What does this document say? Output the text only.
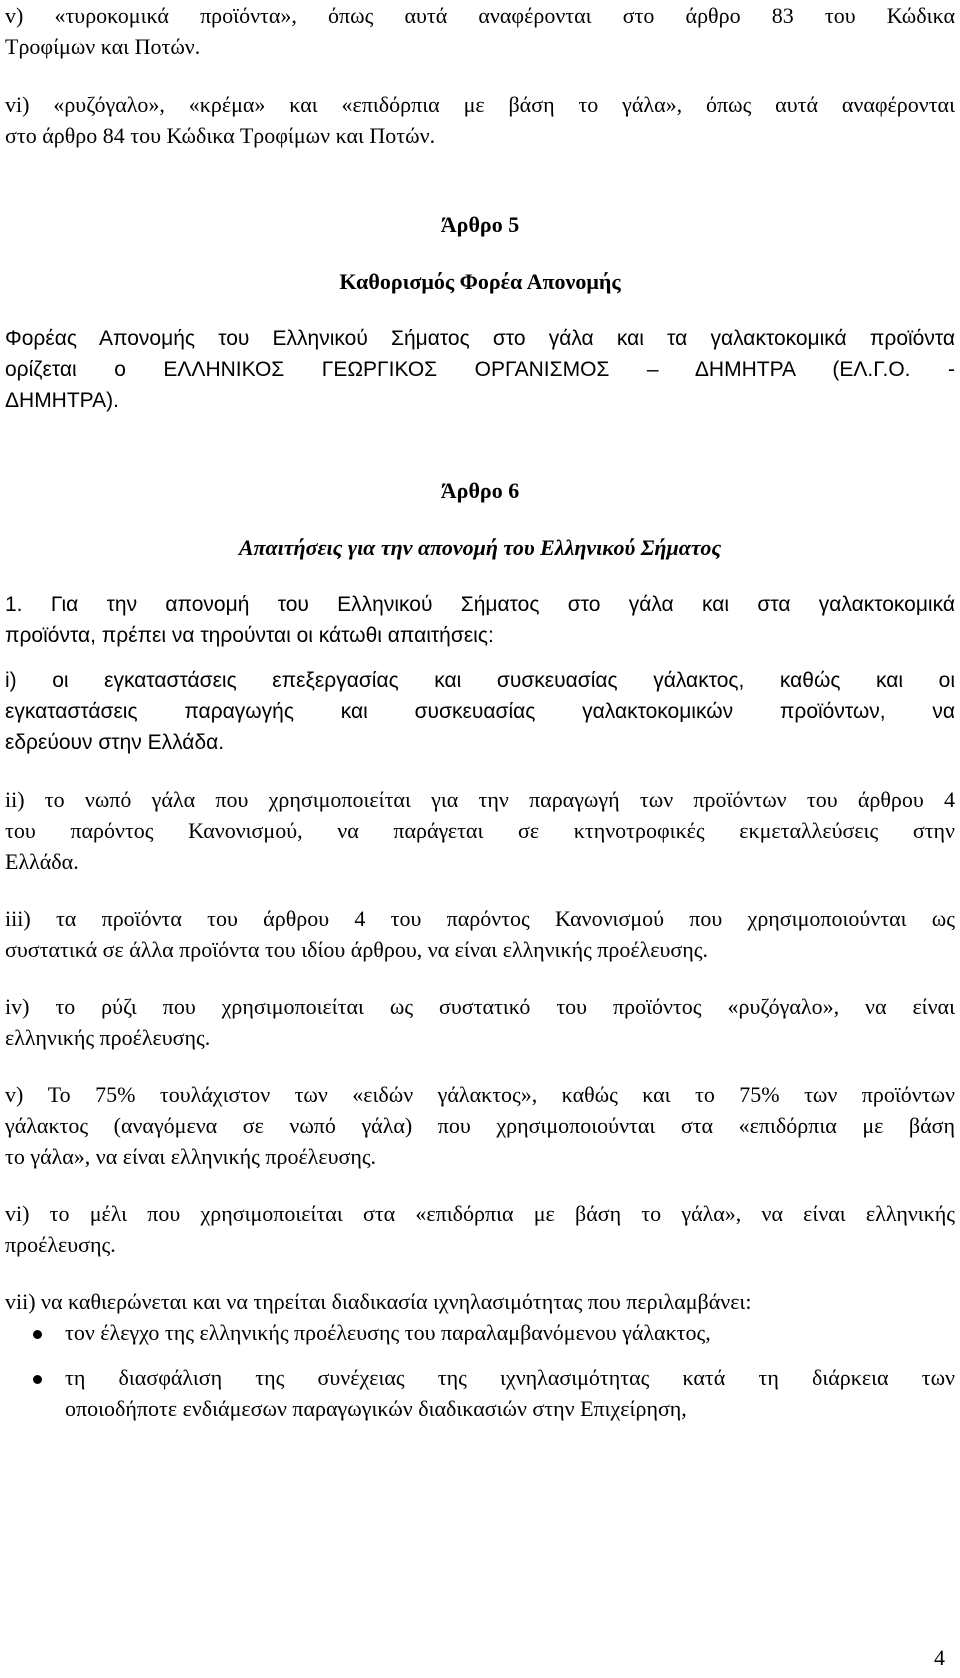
v) «τυροκομικά προϊόντα», όπως αυτά αναφέρονται στο άρθρο 83 του Κώδικα
Τροφίμων και Ποτών.
vi) «ρυζόγαλο», «κρέμα» και «επιδόρπια με βάση το γάλα», όπως αυτά αναφέρονται
στο άρθρο 84 του Κώδικα Τροφίμων και Ποτών.
Άρθρο 5
Καθορισμός Φορέα Απονομής
Φορέας Απονομής του Ελληνικού Σήματος στο γάλα και τα γαλακτοκομικά προϊόντα
ορίζεται ο ΕΛΛΗΝΙΚΟΣ ΓΕΩΡΓΙΚΟΣ ΟΡΓΑΝΙΣΜΟΣ – ΔΗΜΗΤΡΑ (ΕΛ.Γ.Ο. -
ΔΗΜΗΤΡΑ).
Άρθρο 6
Απαιτήσεις για την απονομή του Ελληνικού Σήματος
1. Για την απονομή του Ελληνικού Σήματος στο γάλα και στα γαλακτοκομικά
προϊόντα, πρέπει να τηρούνται οι κάτωθι απαιτήσεις:
i) οι εγκαταστάσεις επεξεργασίας και συσκευασίας γάλακτος, καθώς και οι
εγκαταστάσεις παραγωγής και συσκευασίας γαλακτοκομικών προϊόντων, να
εδρεύουν στην Ελλάδα.
ii) το νωπό γάλα που χρησιμοποιείται για την παραγωγή των προϊόντων του άρθρου 4
του παρόντος Κανονισμού, να παράγεται σε κτηνοτροφικές εκμεταλλεύσεις στην
Ελλάδα.
iii) τα προϊόντα του άρθρου 4 του παρόντος Κανονισμού που χρησιμοποιούνται ως
συστατικά σε άλλα προϊόντα του ιδίου άρθρου, να είναι ελληνικής προέλευσης.
iv) το ρύζι που χρησιμοποιείται ως συστατικό του προϊόντος «ρυζόγαλο», να είναι
ελληνικής προέλευσης.
v) Το 75% τουλάχιστον των «ειδών γάλακτος», καθώς και το 75% των προϊόντων
γάλακτος (αναγόμενα σε νωπό γάλα) που χρησιμοποιούνται στα «επιδόρπια με βάση
το γάλα», να είναι ελληνικής προέλευσης.
vi) το μέλι που χρησιμοποιείται στα «επιδόρπια με βάση το γάλα», να είναι ελληνικής
προέλευσης.
vii) να καθιερώνεται και να τηρείται διαδικασία ιχνηλασιμότητας που περιλαμβάνει:
τον έλεγχο της ελληνικής προέλευσης του παραλαμβανόμενου γάλακτος,
τη διασφάλιση της συνέχειας της ιχνηλασιμότητας κατά τη διάρκεια των
οποιοδήποτε ενδιάμεσων παραγωγικών διαδικασιών στην Επιχείρηση,
4
